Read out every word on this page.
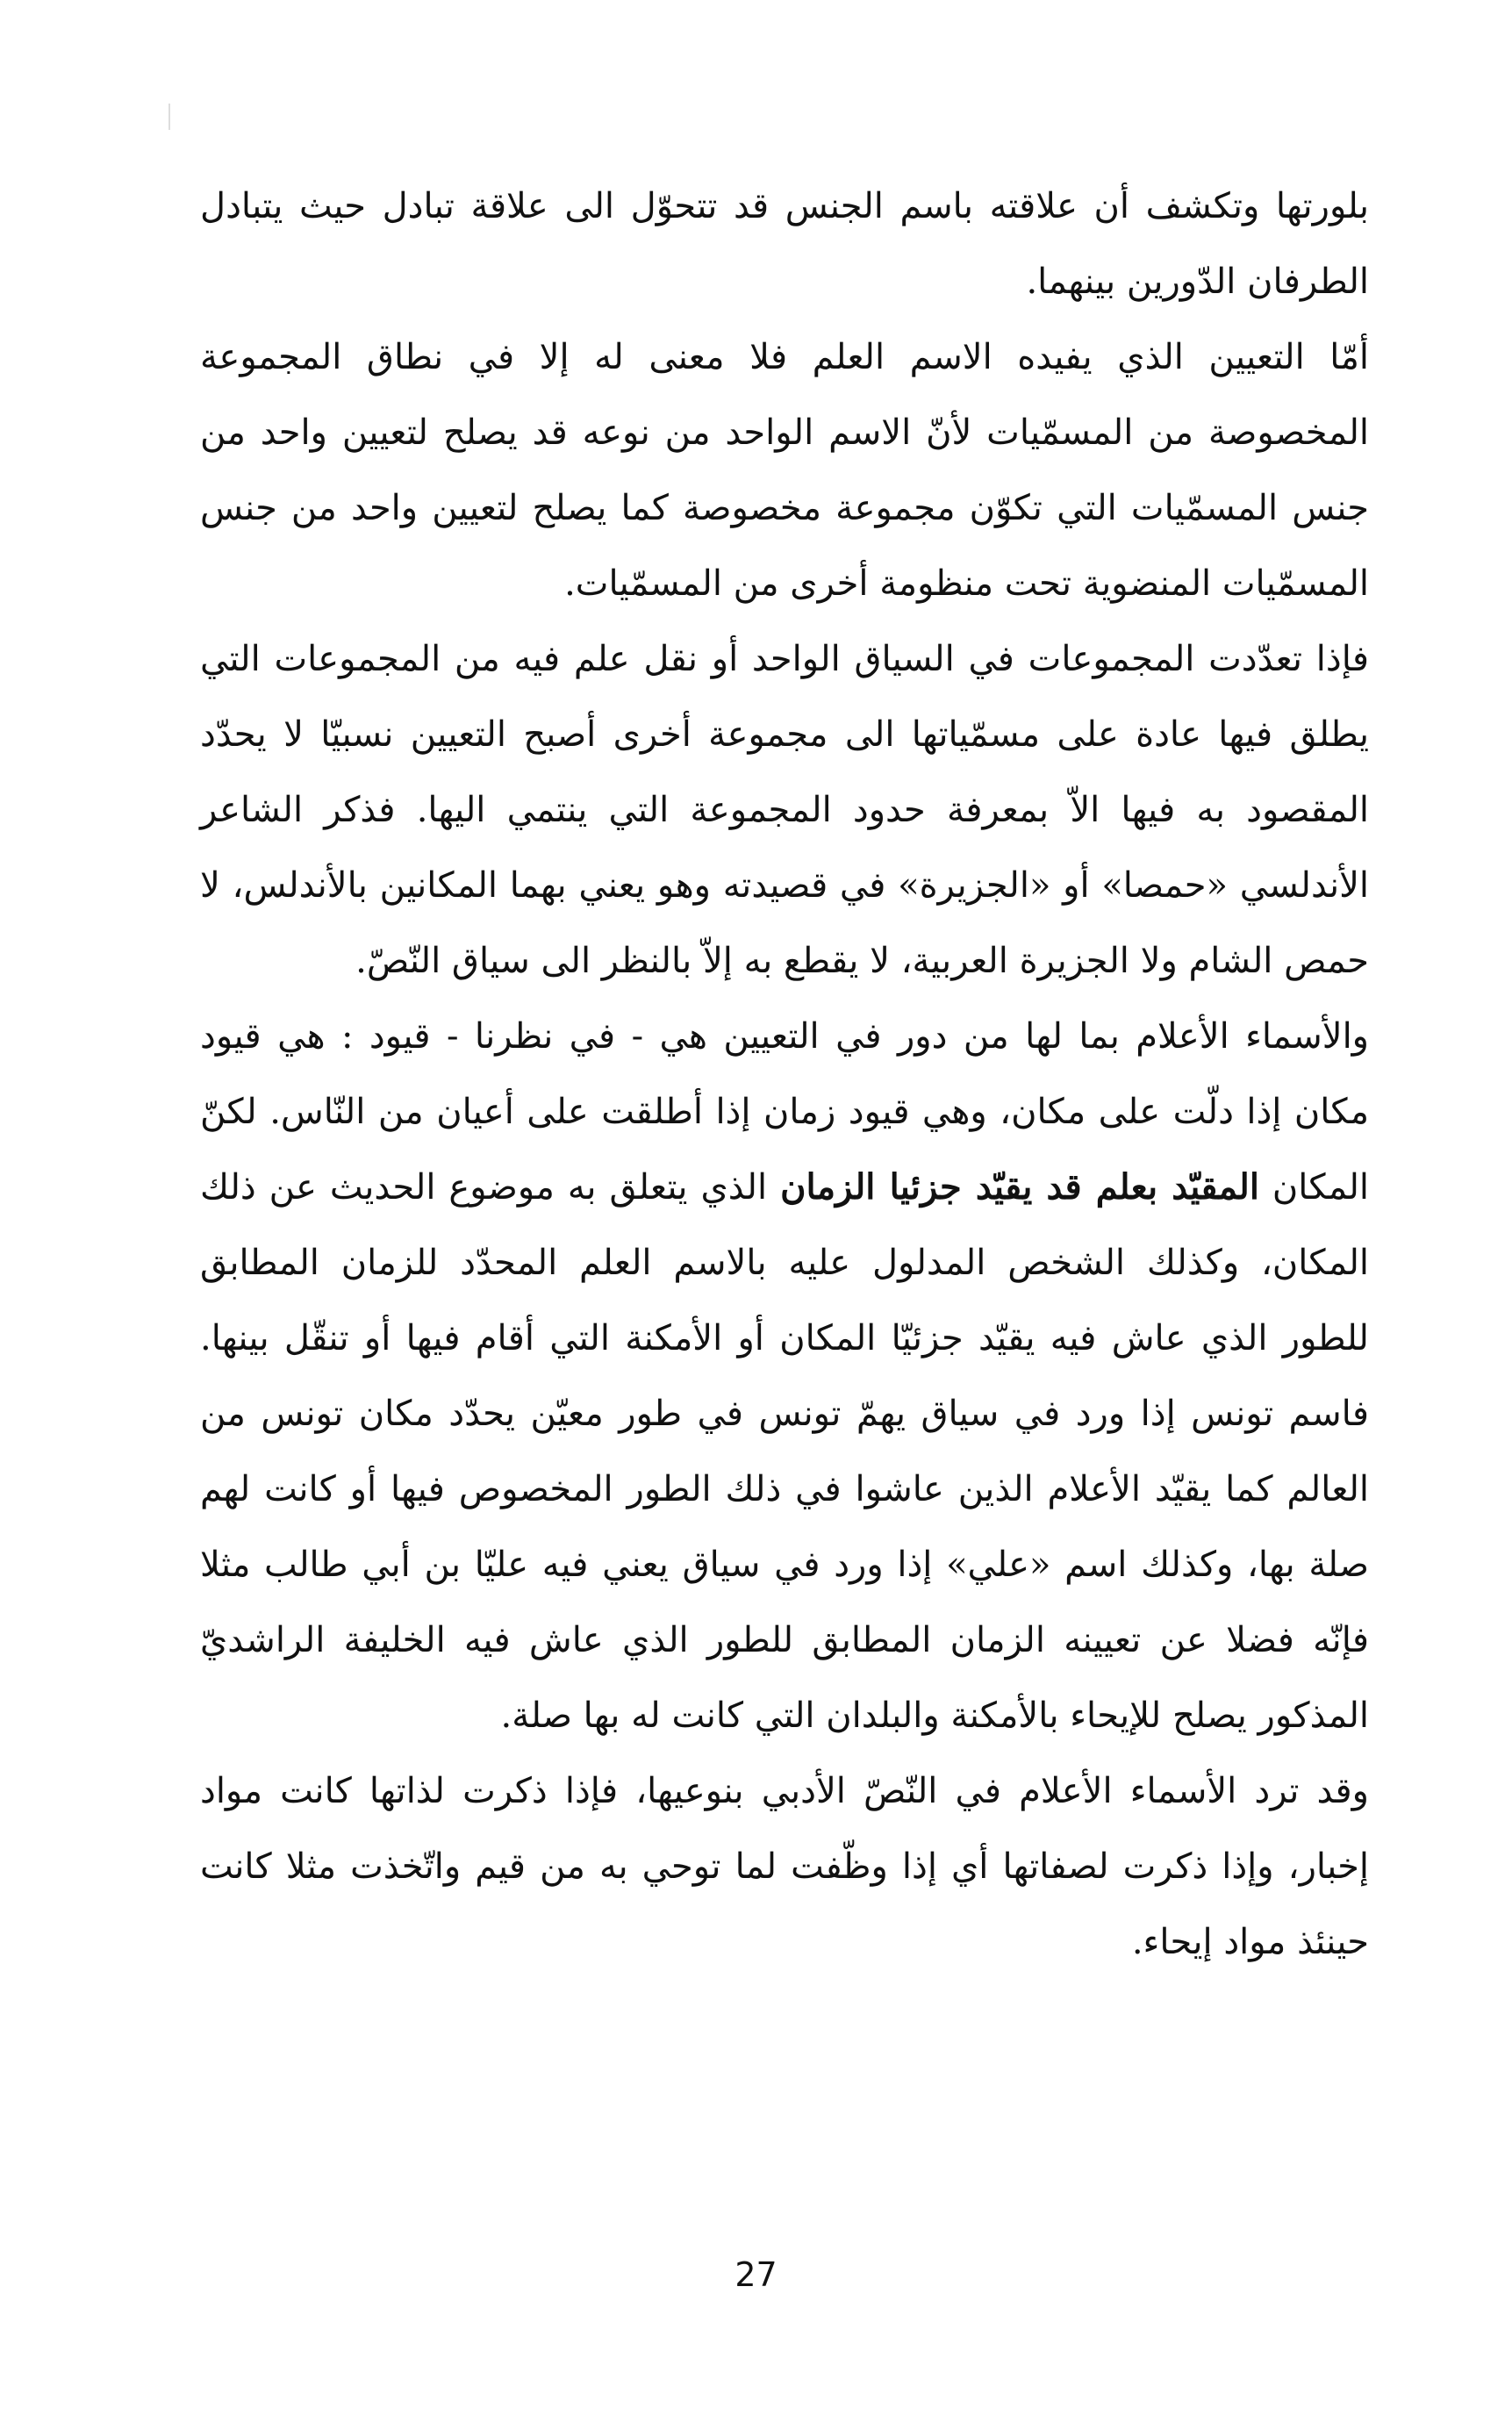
بلورتها وتكشف أن علاقته باسم الجنس قد تتحوّل الى علاقة تبادل حيث يتبادل الطرفان الدّورين بينهما.

أمّا التعيين الذي يفيده الاسم العلم فلا معنى له إلا في نطاق المجموعة المخصوصة من المسمّيات لأنّ الاسم الواحد من نوعه قد يصلح لتعيين واحد من جنس المسمّيات التي تكوّن مجموعة مخصوصة كما يصلح لتعيين واحد من جنس المسمّيات المنضوية تحت منظومة أخرى من المسمّيات.

فإذا تعدّدت المجموعات في السياق الواحد أو نقل علم فيه من المجموعات التي يطلق فيها عادة على مسمّياتها الى مجموعة أخرى أصبح التعيين نسبيّا لا يحدّد المقصود به فيها الاّ بمعرفة حدود المجموعة التي ينتمي اليها. فذكر الشاعر الأندلسي «حمصا» أو «الجزيرة» في قصيدته وهو يعني بهما المكانين بالأندلس، لا حمص الشام ولا الجزيرة العربية، لا يقطع به إلاّ بالنظر الى سياق النّصّ.

والأسماء الأعلام بما لها من دور في التعيين هي - في نظرنا - قيود : هي قيود مكان إذا دلّت على مكان، وهي قيود زمان إذا أطلقت على أعيان من النّاس. لكنّ المكان المقيّد بعلم قد يقيّد جزئيا الزمان الذي يتعلق به موضوع الحديث عن ذلك المكان، وكذلك الشخص المدلول عليه بالاسم العلم المحدّد للزمان المطابق للطور الذي عاش فيه يقيّد جزئيّا المكان أو الأمكنة التي أقام فيها أو تنقّل بينها. فاسم تونس إذا ورد في سياق يهمّ تونس في طور معيّن يحدّد مكان تونس من العالم كما يقيّد الأعلام الذين عاشوا في ذلك الطور المخصوص فيها أو كانت لهم صلة بها، وكذلك اسم «علي» إذا ورد في سياق يعني فيه عليّا بن أبي طالب مثلا فإنّه فضلا عن تعيينه الزمان المطابق للطور الذي عاش فيه الخليفة الراشديّ المذكور يصلح للإيحاء بالأمكنة والبلدان التي كانت له بها صلة.

وقد ترد الأسماء الأعلام في النّصّ الأدبي بنوعيها، فإذا ذكرت لذاتها كانت مواد إخبار، وإذا ذكرت لصفاتها أي إذا وظّفت لما توحي به من قيم واتّخذت مثلا كانت حينئذ مواد إيحاء.

27
